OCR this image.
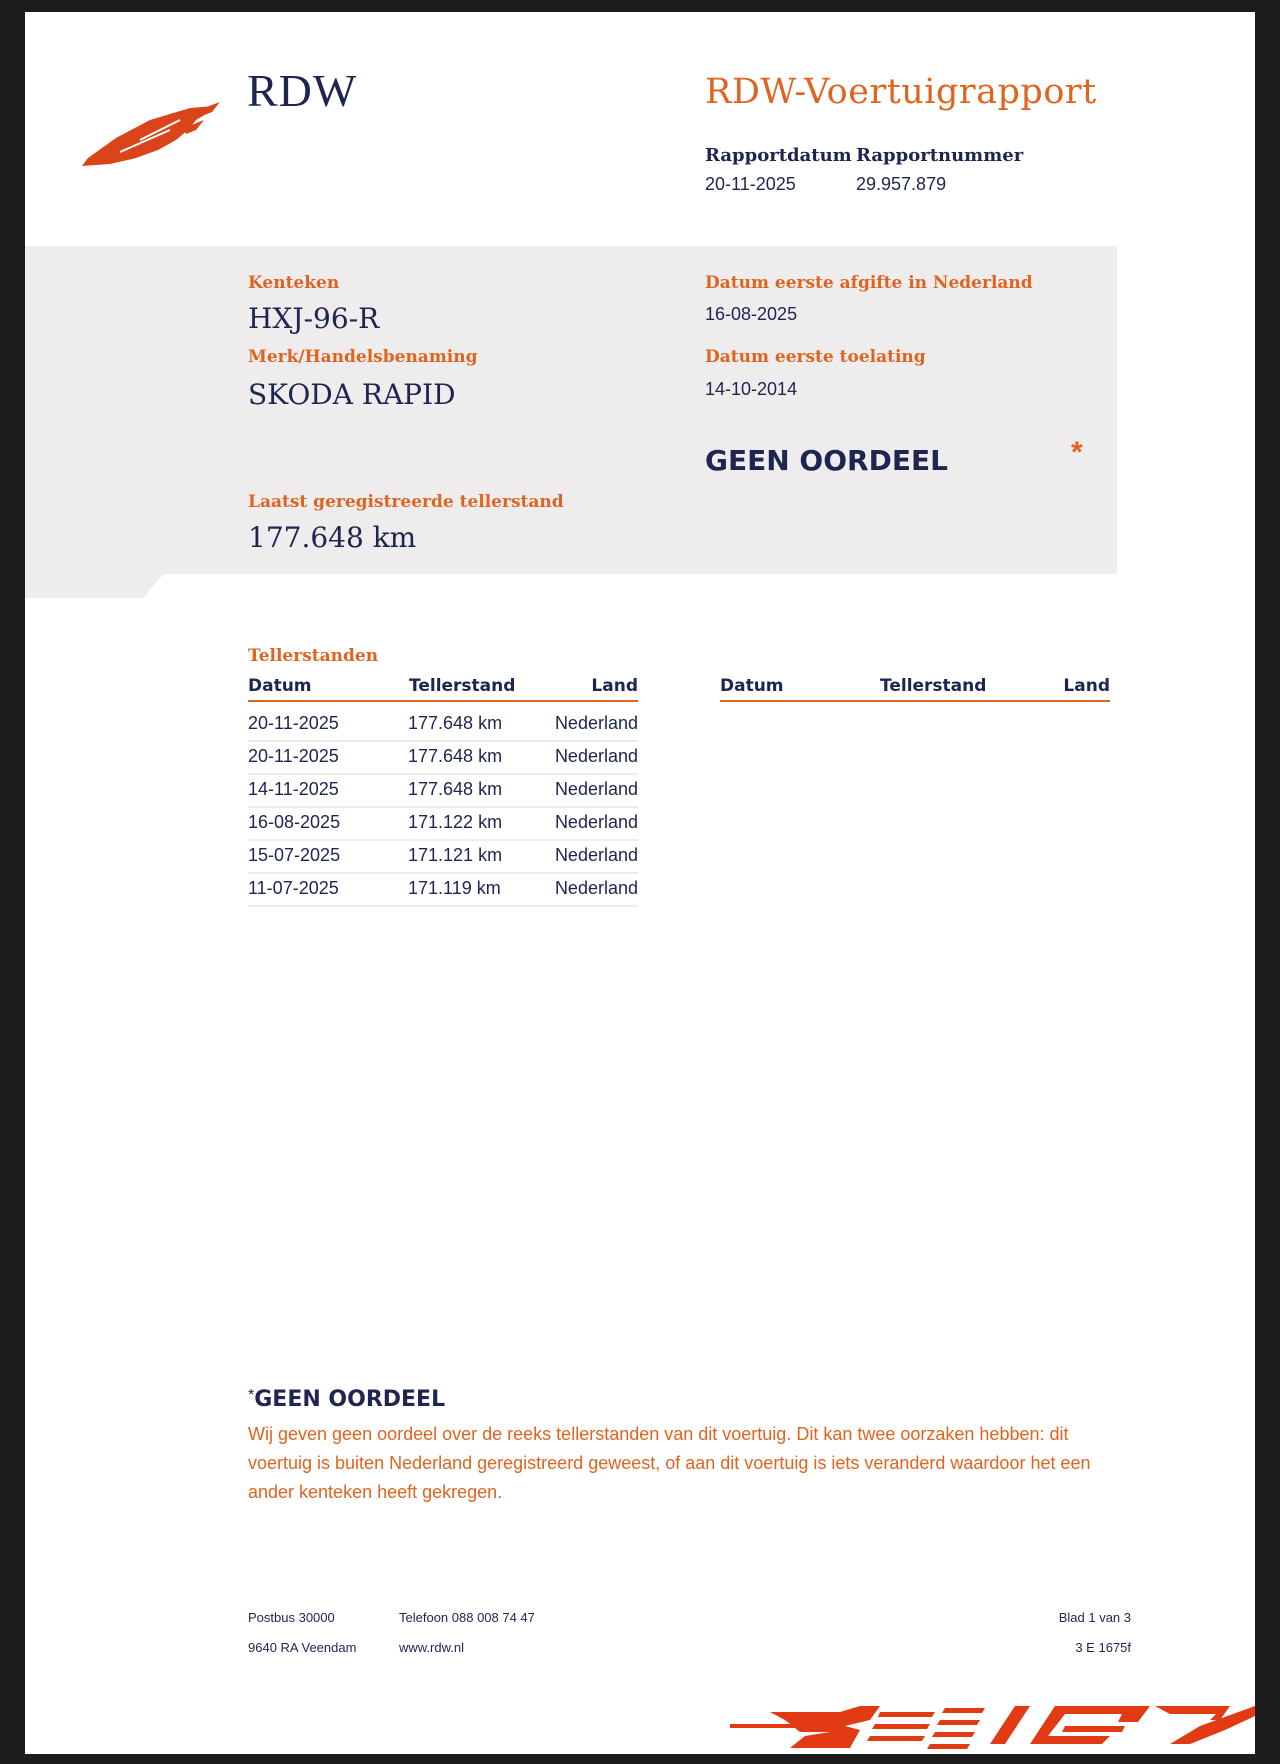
RDW	RDW-Voertuigrapport
Rapportdatum
20-11-2025
Rapportnummer
29.957.879
Kenteken
HXJ-96-R
Merk/Handelsbenaming
SKODA RAPID
Datum eerste afgifte in Nederland
16-08-2025
Datum eerste toelating
14-10-2014
GEEN OORDEEL	*
Laatst geregistreerde tellerstand
177.648 km
Tellerstanden
Datum	Tellerstand	Land	Datum	Tellerstand	Land
20-11-2025	177.648 km	Nederland
20-11-2025	177.648 km	Nederland
14-11-2025	177.648 km	Nederland
16-08-2025	171.122 km	Nederland
15-07-2025	171.121 km	Nederland
11-07-2025	171.119 km	Nederland
*GEEN OORDEEL
Wij geven geen oordeel over de reeks tellerstanden van dit voertuig. Dit kan twee oorzaken hebben: dit voertuig is buiten Nederland geregistreerd geweest, of aan dit voertuig is iets veranderd waardoor het een ander kenteken heeft gekregen.
Postbus 30000
9640 RA Veendam
Telefoon 088 008 74 47
www.rdw.nl
Blad 1 van 3
3 E 1675f
